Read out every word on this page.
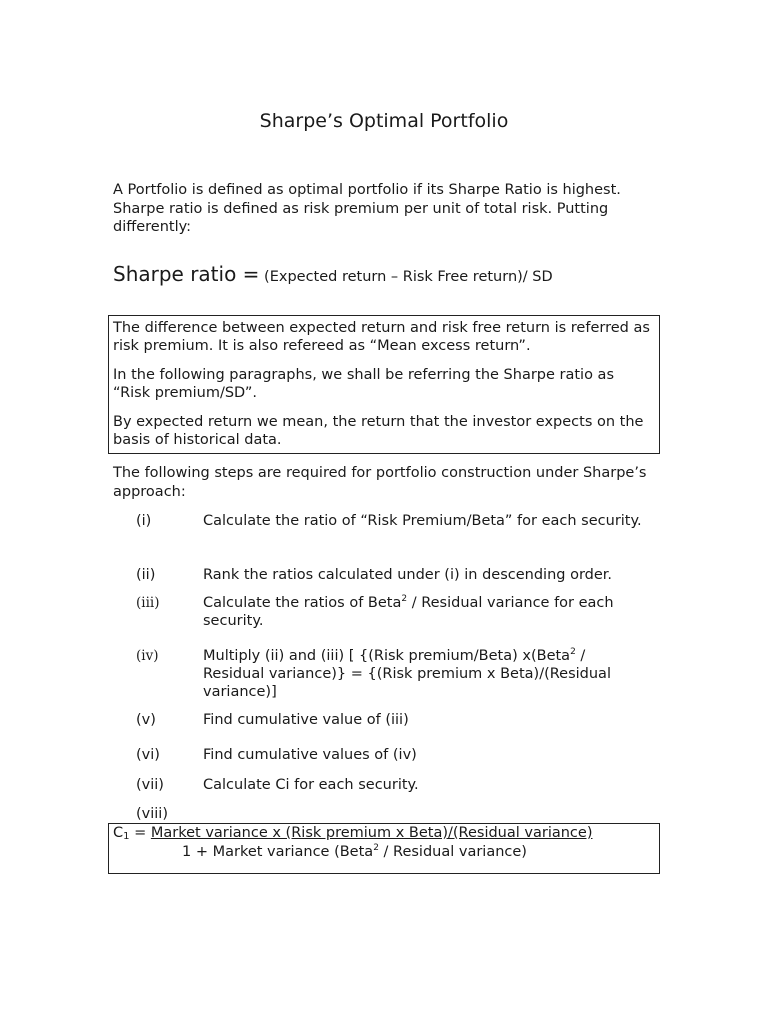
Sharpe’s Optimal Portfolio
A Portfolio is defined as optimal portfolio if its Sharpe Ratio is highest. Sharpe ratio is defined as risk premium per unit of total risk. Putting differently:
Sharpe ratio = (Expected return – Risk Free return)/ SD

The difference between expected return and risk free return is referred as risk premium. It is also refereed as “Mean excess return”.

In the following paragraphs, we shall be referring the Sharpe ratio as “Risk premium/SD”.

By expected return we mean, the return that the investor expects on the basis of historical data.

The following steps are required for portfolio construction under Sharpe’s approach:
(i)	Calculate the ratio of “Risk Premium/Beta” for each security.
(ii)	Rank the ratios calculated under (i) in descending order.
(iii)	Calculate the ratios of Beta$^2$ / Residual variance for each security.
(iv)	Multiply (ii) and (iii) [ {(Risk premium/Beta) x(Beta$^2$ / Residual variance)} = {(Risk premium x Beta)/(Residual variance)]
(v)	Find cumulative value of (iii)
(vi)	Find cumulative values of (iv)
(vii)	Calculate Ci for each security.
(viii)
$C_1$ = Market variance x (Risk premium x Beta)/(Residual variance)
1 + Market variance (Beta$^2$ / Residual variance)
